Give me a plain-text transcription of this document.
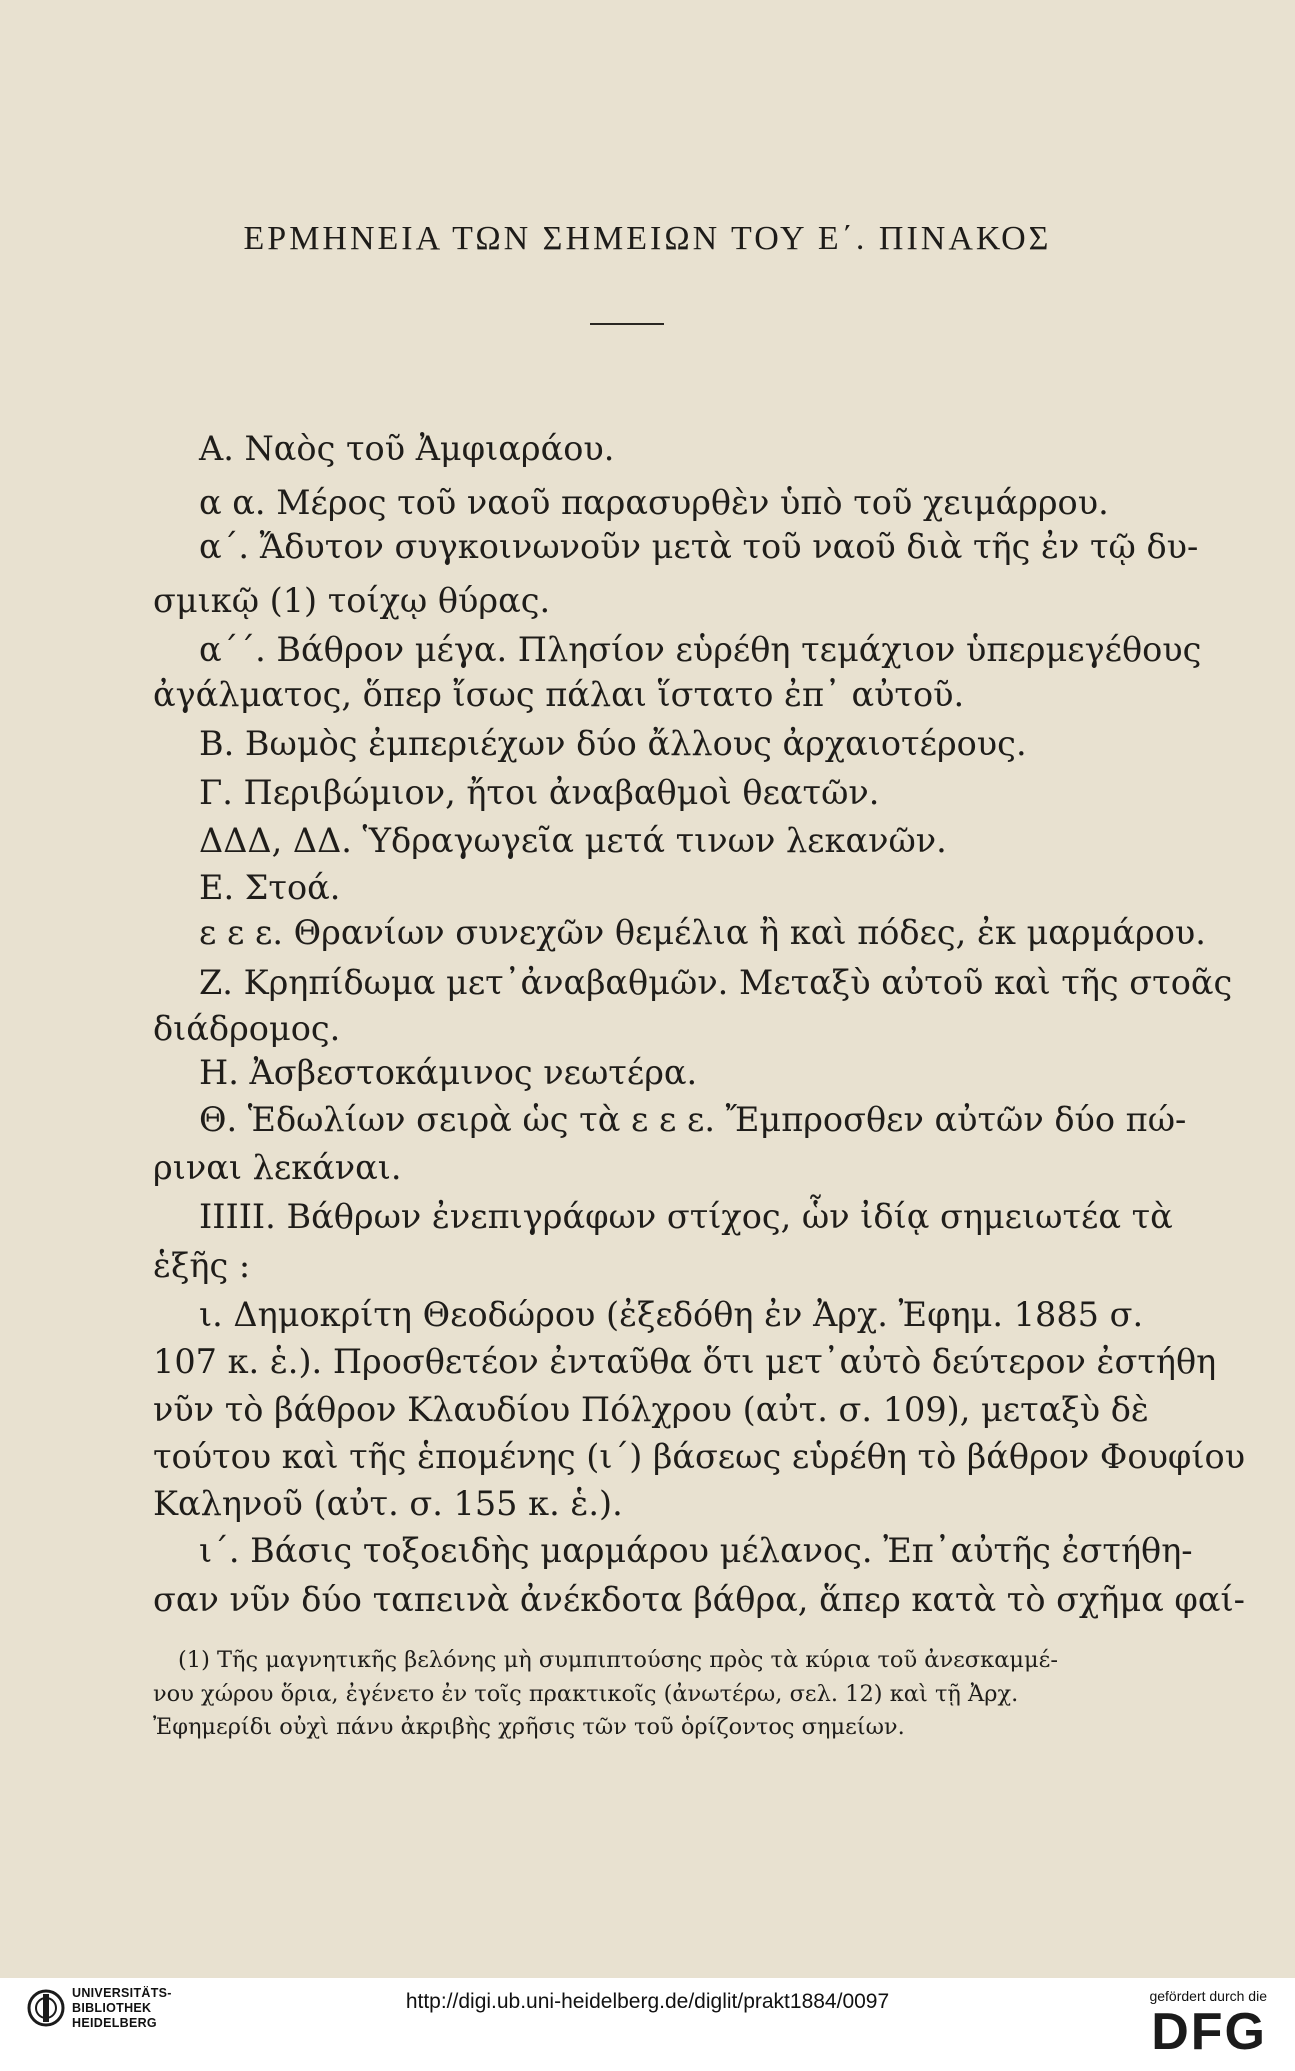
ΕΡΜΗΝΕΙΑ ΤΩΝ ΣΗΜΕΙΩΝ ΤΟΥ Ε΄. ΠΙΝΑΚΟΣ
Α. Ναὸς τοῦ Ἀμφιαράου.
α α. Μέρος τοῦ ναοῦ παρασυρθὲν ὑπὸ τοῦ χειμάρρου.
α΄. Ἄδυτον συγκοινωνοῦν μετὰ τοῦ ναοῦ διὰ τῆς ἐν τῷ δυ-
σμικῷ (1) τοίχῳ θύρας.
α΄΄. Βάθρον μέγα. Πλησίον εὑρέθη τεμάχιον ὑπερμεγέθους
ἀγάλματος, ὅπερ ἴσως πάλαι ἵστατο ἐπ᾽ αὐτοῦ.
Β. Βωμὸς ἐμπεριέχων δύο ἄλλους ἀρχαιοτέρους.
Γ. Περιβώμιον, ἤτοι ἀναβαθμοὶ θεατῶν.
ΔΔΔ, ΔΔ. Ὑδραγωγεῖα μετά τινων λεκανῶν.
Ε. Στοά.
ε ε ε. Θρανίων συνεχῶν θεμέλια ἢ καὶ πόδες, ἐκ μαρμάρου.
Ζ. Κρηπίδωμα μετ᾽ἀναβαθμῶν. Μεταξὺ αὐτοῦ καὶ τῆς στοᾶς
διάδρομος.
Η. Ἀσβεστοκάμινος νεωτέρα.
Θ. Ἑδωλίων σειρὰ ὡς τὰ ε ε ε. Ἔμπροσθεν αὐτῶν δύο πώ-
ριναι λεκάναι.
ΙΙΙΙΙ. Βάθρων ἐνεπιγράφων στίχος, ὧν ἰδίᾳ σημειωτέα τὰ
ἑξῆς :
ι. Δημοκρίτη Θεοδώρου (ἐξεδόθη ἐν Ἀρχ. Ἐφημ. 1885 σ.
107 κ. ἑ.). Προσθετέον ἐνταῦθα ὅτι μετ᾽αὐτὸ δεύτερον ἐστήθη
νῦν τὸ βάθρον Κλαυδίου Πόλχρου (αὐτ. σ. 109), μεταξὺ δὲ
τούτου καὶ τῆς ἑπομένης (ι΄) βάσεως εὑρέθη τὸ βάθρον Φουφίου
Καληνοῦ (αὐτ. σ. 155 κ. ἑ.).
ι΄. Βάσις τοξοειδὴς μαρμάρου μέλανος. Ἐπ᾽αὐτῆς ἐστήθη-
σαν νῦν δύο ταπεινὰ ἀνέκδοτα βάθρα, ἅπερ κατὰ τὸ σχῆμα φαί-
(1) Τῆς μαγνητικῆς βελόνης μὴ συμπιπτούσης πρὸς τὰ κύρια τοῦ ἀνεσκαμμέ-
νου χώρου ὅρια, ἐγένετο ἐν τοῖς πρακτικοῖς (ἀνωτέρω, σελ. 12) καὶ τῇ Ἀρχ.
Ἐφημερίδι οὐχὶ πάνυ ἀκριβὴς χρῆσις τῶν τοῦ ὁρίζοντος σημείων.
UNIVERSITÄTS-
BIBLIOTHEK
HEIDELBERG
http://digi.ub.uni-heidelberg.de/diglit/prakt1884/0097	gefördert durch die
DFG
